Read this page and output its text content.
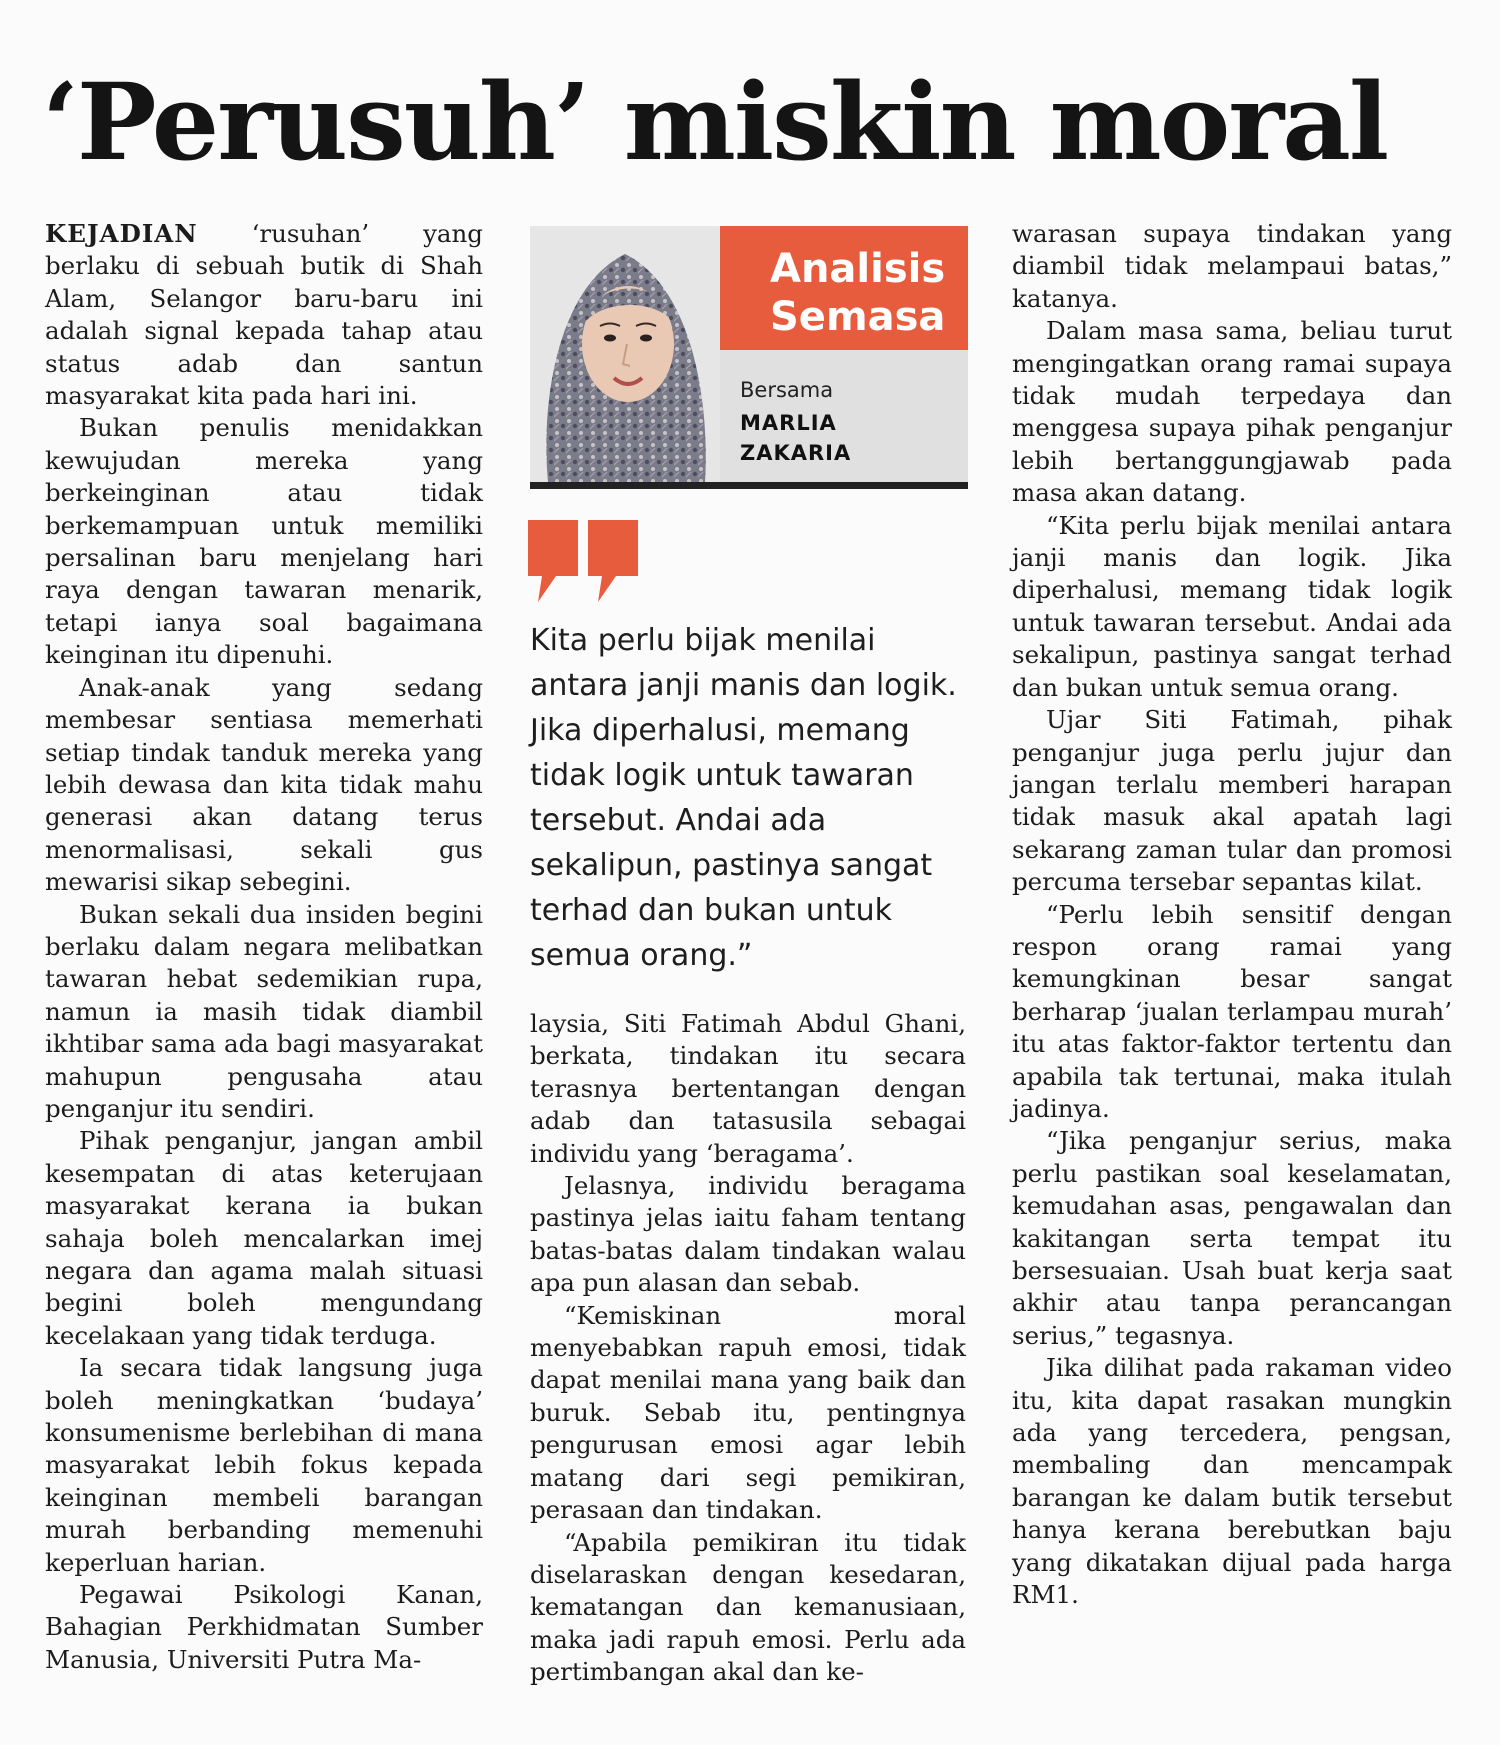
‘Perusuh’ miskin moral

KEJADIAN ‘rusuhan’ yang berlaku di sebuah butik di Shah Alam, Selangor baru-baru ini adalah signal kepada tahap atau status adab dan santun masyarakat kita pada hari ini.

Bukan penulis menidakkan kewujudan mereka yang berkeinginan atau tidak berkemampuan untuk memiliki persalinan baru menjelang hari raya dengan tawaran menarik, tetapi ianya soal bagaimana keinginan itu dipenuhi.

Anak-anak yang sedang membesar sentiasa memerhati setiap tindak tanduk mereka yang lebih dewasa dan kita tidak mahu generasi akan datang terus menormalisasi, sekali gus mewarisi sikap sebegini.

Bukan sekali dua insiden begini berlaku dalam negara melibatkan tawaran hebat sedemikian rupa, namun ia masih tidak diambil ikhtibar sama ada bagi masyarakat mahupun pengusaha atau penganjur itu sendiri.

Pihak penganjur, jangan ambil kesempatan di atas keterujaan masyarakat kerana ia bukan sahaja boleh mencalarkan imej negara dan agama malah situasi begini boleh mengundang kecelakaan yang tidak terduga.

Ia secara tidak langsung juga boleh meningkatkan ‘budaya’ konsumenisme berlebihan di mana masyarakat lebih fokus kepada keinginan membeli barangan murah berbanding memenuhi keperluan harian.

Pegawai Psikologi Kanan, Bahagian Perkhidmatan Sumber Manusia, Universiti Putra Ma-

Analisis
Semasa
Bersama
MARLIA
ZAKARIA

Kita perlu bijak menilai antara janji manis dan logik. Jika diperhalusi, memang tidak logik untuk tawaran tersebut. Andai ada sekalipun, pastinya sangat terhad dan bukan untuk semua orang.”

laysia, Siti Fatimah Abdul Ghani, berkata, tindakan itu secara terasnya bertentangan dengan adab dan tatasusila sebagai individu yang ‘beragama’.

Jelasnya, individu beragama pastinya jelas iaitu faham tentang batas-batas dalam tindakan walau apa pun alasan dan sebab.

“Kemiskinan moral menyebabkan rapuh emosi, tidak dapat menilai mana yang baik dan buruk. Sebab itu, pentingnya pengurusan emosi agar lebih matang dari segi pemikiran, perasaan dan tindakan.

“Apabila pemikiran itu tidak diselaraskan dengan kesedaran, kematangan dan kemanusiaan, maka jadi rapuh emosi. Perlu ada pertimbangan akal dan ke-

warasan supaya tindakan yang diambil tidak melampaui batas,” katanya.

Dalam masa sama, beliau turut mengingatkan orang ramai supaya tidak mudah terpedaya dan menggesa supaya pihak penganjur lebih bertanggungjawab pada masa akan datang.

“Kita perlu bijak menilai antara janji manis dan logik. Jika diperhalusi, memang tidak logik untuk tawaran tersebut. Andai ada sekalipun, pastinya sangat terhad dan bukan untuk semua orang.

Ujar Siti Fatimah, pihak penganjur juga perlu jujur dan jangan terlalu memberi harapan tidak masuk akal apatah lagi sekarang zaman tular dan promosi percuma tersebar sepantas kilat.

“Perlu lebih sensitif dengan respon orang ramai yang kemungkinan besar sangat berharap ‘jualan terlampau murah’ itu atas faktor-faktor tertentu dan apabila tak tertunai, maka itulah jadinya.

“Jika penganjur serius, maka perlu pastikan soal keselamatan, kemudahan asas, pengawalan dan kakitangan serta tempat itu bersesuaian. Usah buat kerja saat akhir atau tanpa perancangan serius,” tegasnya.

Jika dilihat pada rakaman video itu, kita dapat rasakan mungkin ada yang tercedera, pengsan, membaling dan mencampak barangan ke dalam butik tersebut hanya kerana berebutkan baju yang dikatakan dijual pada harga RM1.
